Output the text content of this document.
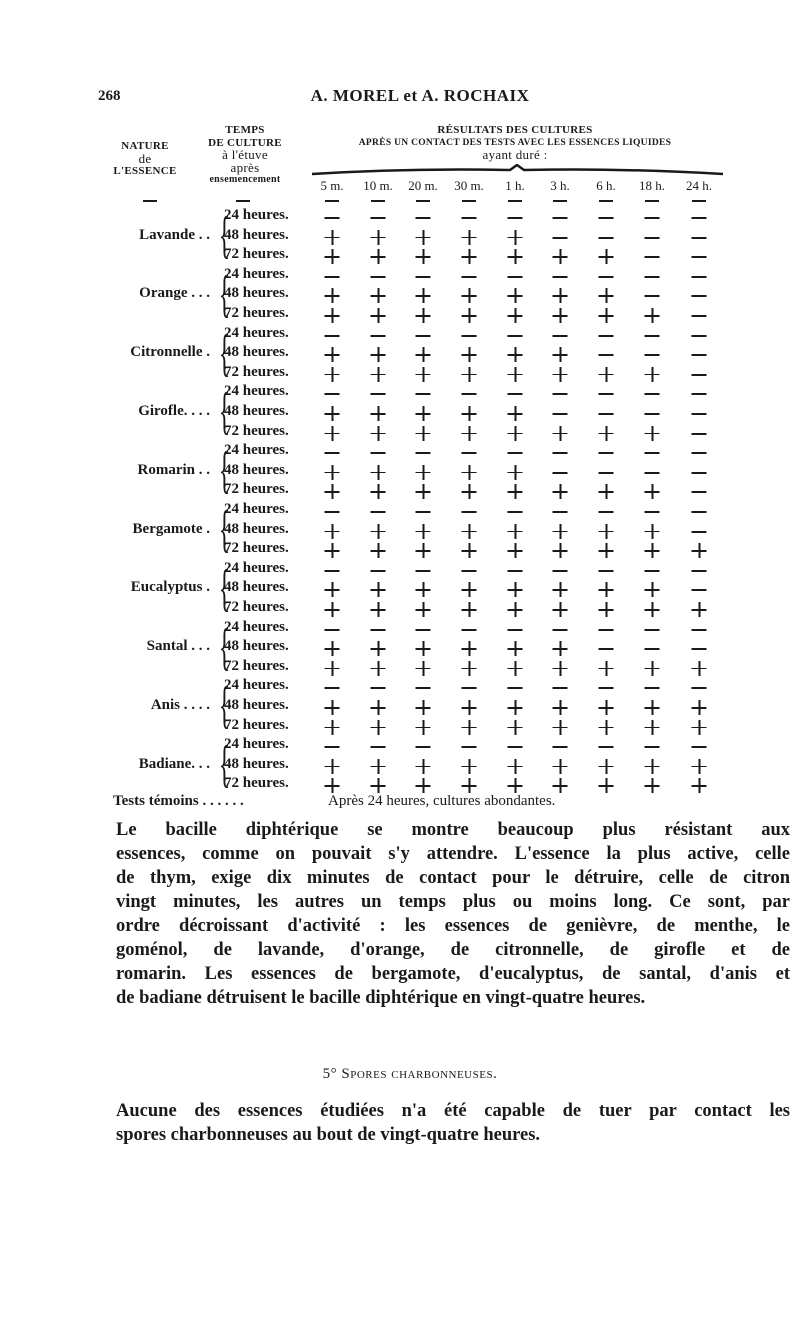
268	A. MOREL et A. ROCHAIX
NATURE
de
L'ESSENCE
TEMPS
DE CULTURE
à l'étuve
après
ensemencement
RÉSULTATS DES CULTURES
APRÈS UN CONTACT DES TESTS AVEC LES ESSENCES LIQUIDES
ayant duré :
5 m. 10 m. 20 m. 30 m. 1 h. 3 h. 6 h. 18 h. 24 h.
Lavande . . {
24 heures.
48 heures.
72 heures.
Orange . . . {
24 heures.
48 heures.
72 heures.
Citronnelle . {
24 heures.
48 heures.
72 heures.
Girofle. . . . {
24 heures.
48 heures.
72 heures.
Romarin . . {
24 heures.
48 heures.
72 heures.
Bergamote . {
24 heures.
48 heures.
72 heures.
Eucalyptus . {
24 heures.
48 heures.
72 heures.
Santal . . . {
24 heures.
48 heures.
72 heures.
Anis . . . . {
24 heures.
48 heures.
72 heures.
Badiane. . . {
24 heures.
48 heures.
72 heures.
Tests témoins . . . . . .	Après 24 heures, cultures abondantes.
Le bacille diphtérique se montre beaucoup plus résistant aux
essences, comme on pouvait s'y attendre. L'essence la plus active, celle
de thym, exige dix minutes de contact pour le détruire, celle de citron
vingt minutes, les autres un temps plus ou moins long. Ce sont, par
ordre décroissant d'activité : les essences de genièvre, de menthe, le
goménol, de lavande, d'orange, de citronnelle, de girofle et de
romarin. Les essences de bergamote, d'eucalyptus, de santal, d'anis et
de badiane détruisent le bacille diphtérique en vingt-quatre heures.
5° Spores charbonneuses.
Aucune des essences étudiées n'a été capable de tuer par contact les
spores charbonneuses au bout de vingt-quatre heures.
